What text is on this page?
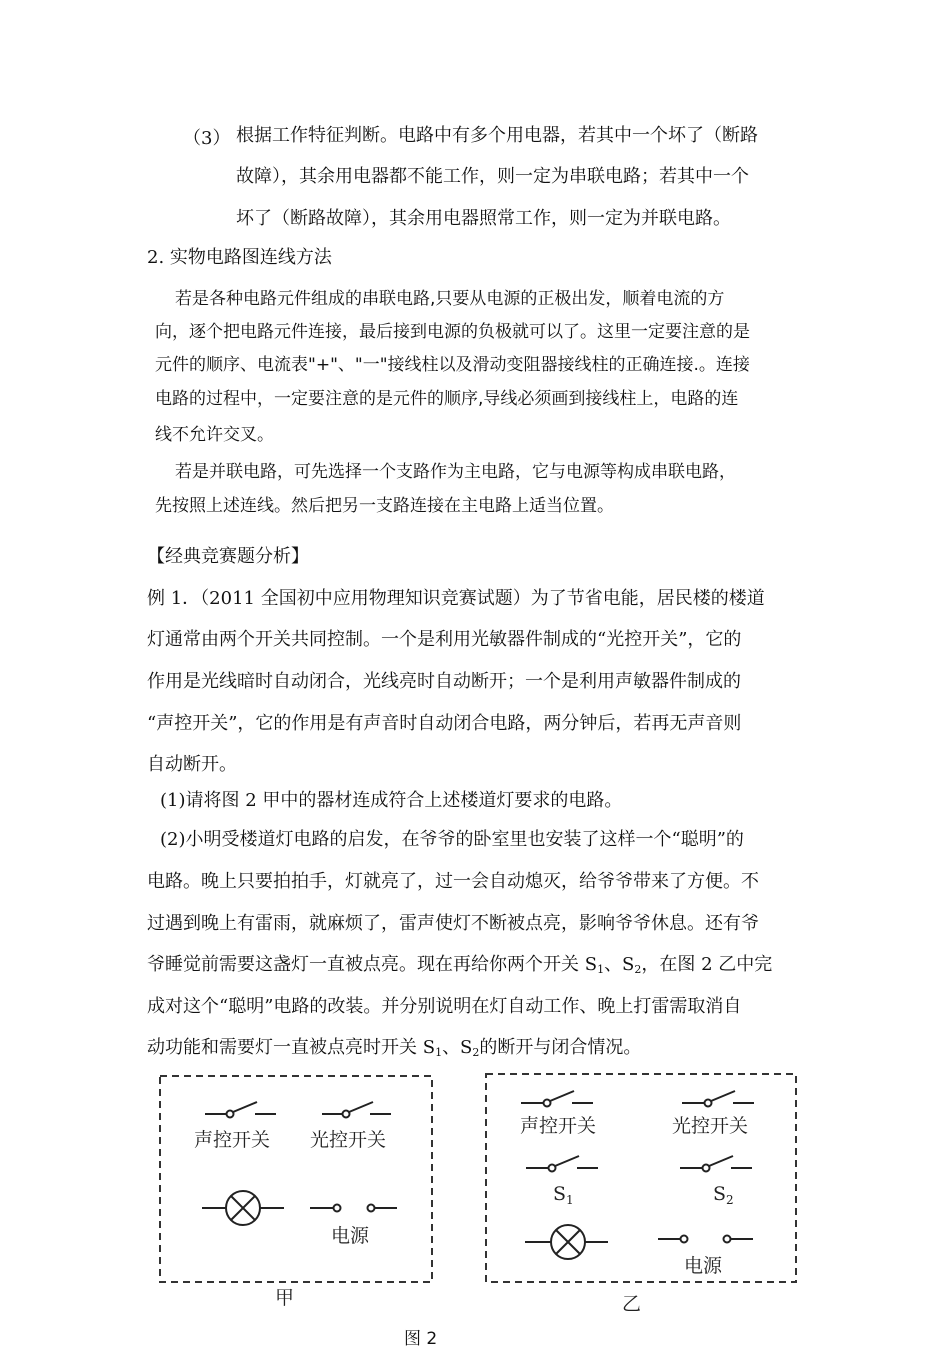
（3） 根据工作特征判断。电路中有多个用电器，若其中一个坏了（断路
故障），其余用电器都不能工作，则一定为串联电路；若其中一个
坏了（断路故障），其余用电器照常工作，则一定为并联电路。
2. 实物电路图连线方法
若是各种电路元件组成的串联电路,只要从电源的正极出发，顺着电流的方
向，逐个把电路元件连接，最后接到电源的负极就可以了。这里一定要注意的是
元件的顺序、电流表"+"、"一"接线柱以及滑动变阻器接线柱的正确连接.。连接
电路的过程中，一定要注意的是元件的顺序,导线必须画到接线柱上，电路的连
线不允许交叉。
若是并联电路，可先选择一个支路作为主电路，它与电源等构成串联电路，
先按照上述连线。然后把另一支路连接在主电路上适当位置。
【经典竞赛题分析】
例 1．（2011 全国初中应用物理知识竞赛试题）为了节省电能，居民楼的楼道
灯通常由两个开关共同控制。一个是利用光敏器件制成的“光控开关”，它的
作用是光线暗时自动闭合，光线亮时自动断开；一个是利用声敏器件制成的
“声控开关”，它的作用是有声音时自动闭合电路，两分钟后，若再无声音则
自动断开。
(1)请将图 2 甲中的器材连成符合上述楼道灯要求的电路。
(2)小明受楼道灯电路的启发，在爷爷的卧室里也安装了这样一个“聪明”的
电路。晚上只要拍拍手，灯就亮了，过一会自动熄灭，给爷爷带来了方便。不
过遇到晚上有雷雨，就麻烦了，雷声使灯不断被点亮，影响爷爷休息。还有爷
爷睡觉前需要这盏灯一直被点亮。现在再给你两个开关 $S_1$、$S_2$，在图 2 乙中完
成对这个“聪明”电路的改装。并分别说明在灯自动工作、晚上打雷需取消自
动功能和需要灯一直被点亮时开关 $S_1$、$S_2$的断开与闭合情况。
声控开关 光控开关
电源
甲
声控开关	光控开关
$S_1$	$S_2$
电源
乙
图 2
